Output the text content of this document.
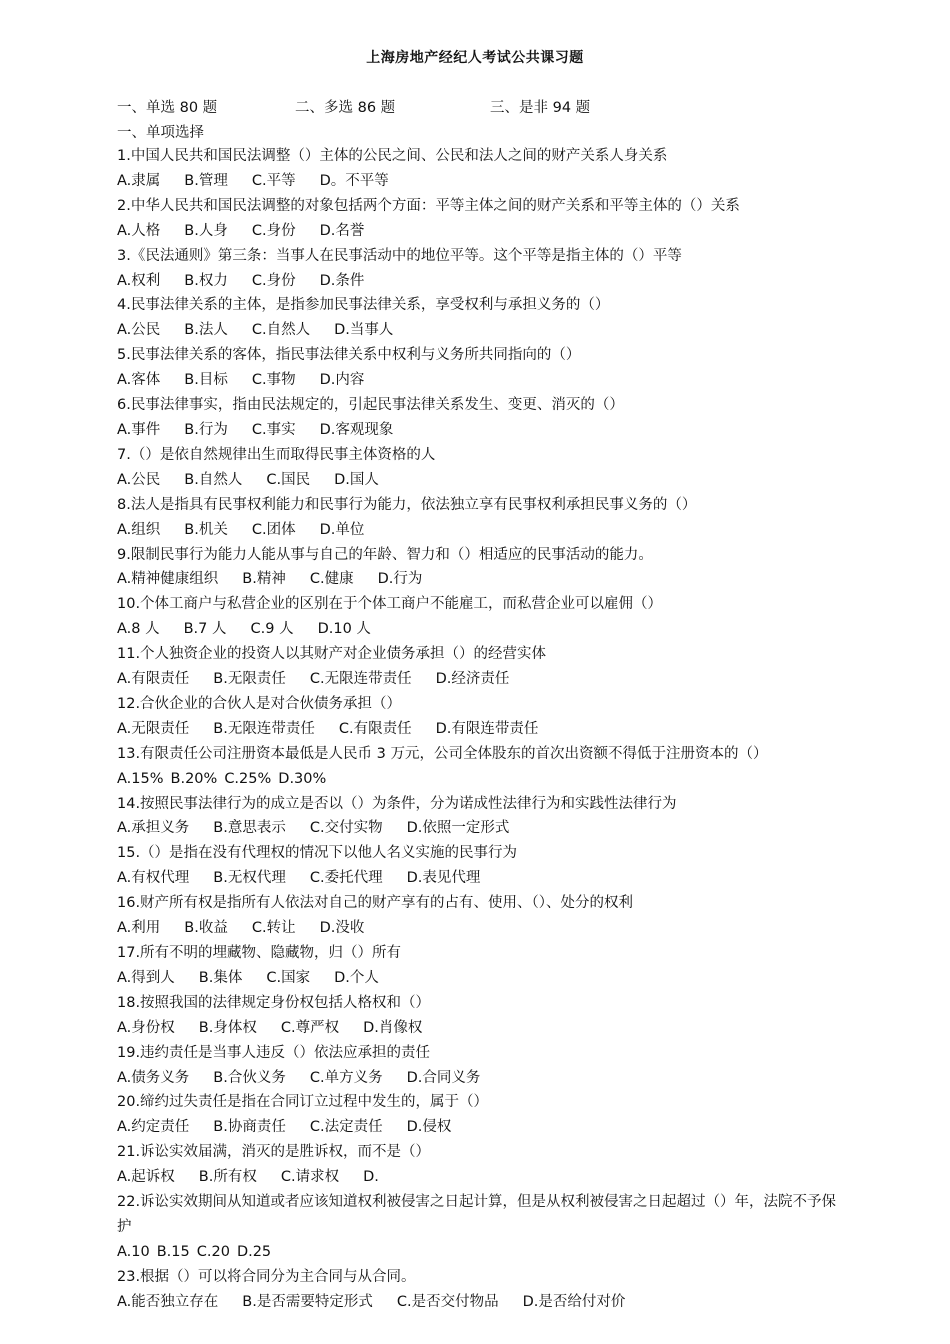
上海房地产经纪人考试公共课习题
一、单选 80 题	二、多选 86 题	三、是非 94 题
一、单项选择
1.中国人民共和国民法调整（）主体的公民之间、公民和法人之间的财产关系人身关系
A.隶属 B.管理 C.平等 D。不平等
2.中华人民共和国民法调整的对象包括两个方面：平等主体之间的财产关系和平等主体的（）关系
A.人格 B.人身 C.身份 D.名誉
3.《民法通则》第三条：当事人在民事活动中的地位平等。这个平等是指主体的（）平等
A.权利 B.权力 C.身份 D.条件
4.民事法律关系的主体，是指参加民事法律关系，享受权利与承担义务的（）
A.公民 B.法人 C.自然人 D.当事人
5.民事法律关系的客体，指民事法律关系中权利与义务所共同指向的（）
A.客体 B.目标 C.事物 D.内容
6.民事法律事实，指由民法规定的，引起民事法律关系发生、变更、消灭的（）
A.事件 B.行为 C.事实 D.客观现象
7.（）是依自然规律出生而取得民事主体资格的人
A.公民 B.自然人 C.国民 D.国人
8.法人是指具有民事权利能力和民事行为能力，依法独立享有民事权利承担民事义务的（）
A.组织 B.机关 C.团体 D.单位
9.限制民事行为能力人能从事与自己的年龄、智力和（）相适应的民事活动的能力。
A.精神健康组织 B.精神 C.健康 D.行为
10.个体工商户与私营企业的区别在于个体工商户不能雇工，而私营企业可以雇佣（）
A.8 人 B.7 人 C.9 人 D.10 人
11.个人独资企业的投资人以其财产对企业债务承担（）的经营实体
A.有限责任 B.无限责任 C.无限连带责任 D.经济责任
12.合伙企业的合伙人是对合伙债务承担（）
A.无限责任 B.无限连带责任 C.有限责任 D.有限连带责任
13.有限责任公司注册资本最低是人民币 3 万元，公司全体股东的首次出资额不得低于注册资本的（）
A.15% B.20% C.25% D.30%
14.按照民事法律行为的成立是否以（）为条件，分为诺成性法律行为和实践性法律行为
A.承担义务 B.意思表示 C.交付实物 D.依照一定形式
15.（）是指在没有代理权的情况下以他人名义实施的民事行为
A.有权代理 B.无权代理 C.委托代理 D.表见代理
16.财产所有权是指所有人依法对自己的财产享有的占有、使用、（）、处分的权利
A.利用 B.收益 C.转让 D.没收
17.所有不明的埋藏物、隐藏物，归（）所有
A.得到人 B.集体 C.国家 D.个人
18.按照我国的法律规定身份权包括人格权和（）
A.身份权 B.身体权 C.尊严权 D.肖像权
19.违约责任是当事人违反（）依法应承担的责任
A.债务义务 B.合伙义务 C.单方义务 D.合同义务
20.缔约过失责任是指在合同订立过程中发生的，属于（）
A.约定责任 B.协商责任 C.法定责任 D.侵权
21.诉讼实效届满，消灭的是胜诉权，而不是（）
A.起诉权 B.所有权 C.请求权 D.
22.诉讼实效期间从知道或者应该知道权利被侵害之日起计算，但是从权利被侵害之日起超过（）年，法院不予保护
A.10 B.15 C.20 D.25
23.根据（）可以将合同分为主合同与从合同。
A.能否独立存在 B.是否需要特定形式 C.是否交付物品 D.是否给付对价
